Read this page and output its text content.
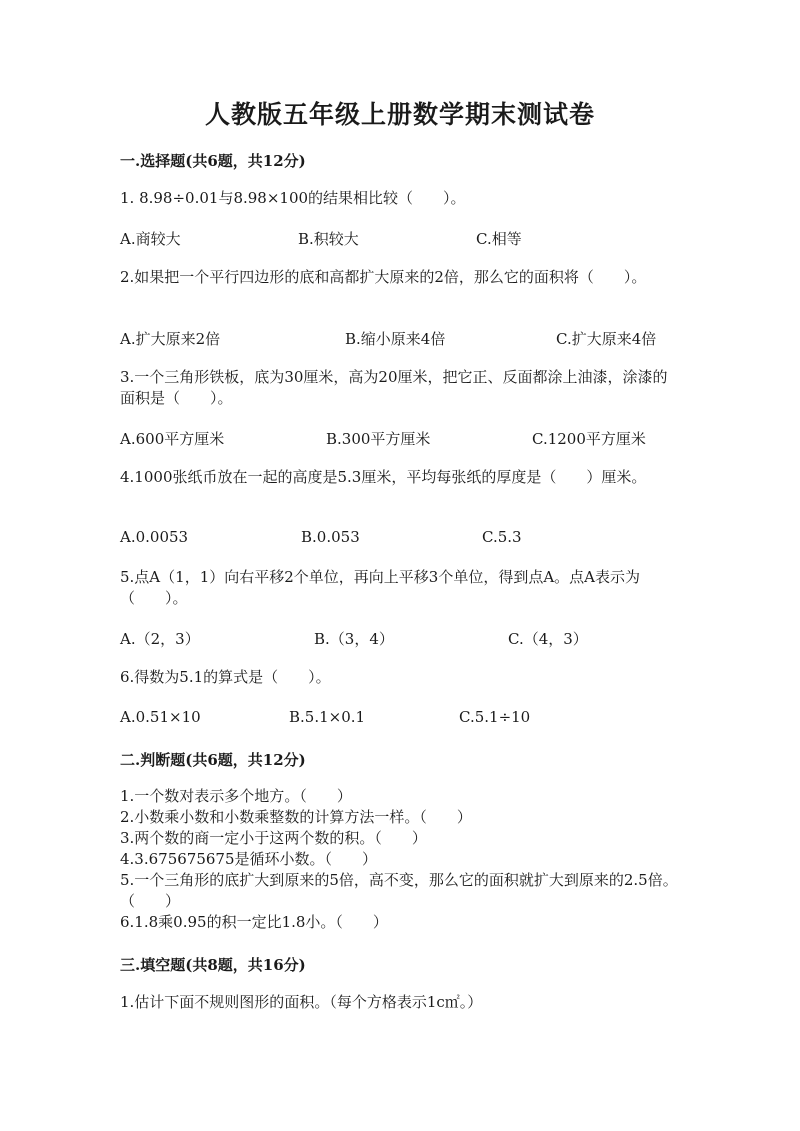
人教版五年级上册数学期末测试卷
一.选择题(共6题，共12分)
1. 8.98÷0.01与8.98×100的结果相比较（　　）。
A.商较大	B.积较大	C.相等
2.如果把一个平行四边形的底和高都扩大原来的2倍，那么它的面积将（　　）。
A.扩大原来2倍	B.缩小原来4倍	C.扩大原来4倍
3.一个三角形铁板，底为30厘米，高为20厘米，把它正、反面都涂上油漆，涂漆的面积是（　　）。
A.600平方厘米	B.300平方厘米	C.1200平方厘米
4.1000张纸币放在一起的高度是5.3厘米，平均每张纸的厚度是（　　）厘米。
A.0.0053	B.0.053	C.5.3
5.点A（1，1）向右平移2个单位，再向上平移3个单位，得到点A。点A表示为（　　）。
A.（2，3）	B.（3，4）	C.（4，3）
6.得数为5.1的算式是（　　）。
A.0.51×10	B.5.1×0.1	C.5.1÷10
二.判断题(共6题，共12分)
1.一个数对表示多个地方。（　　）
2.小数乘小数和小数乘整数的计算方法一样。（　　）
3.两个数的商一定小于这两个数的积。（　　）
4.3.675675675是循环小数。（　　）
5.一个三角形的底扩大到原来的5倍，高不变，那么它的面积就扩大到原来的2.5倍。（　　）
6.1.8乘0.95的积一定比1.8小。（　　）
三.填空题(共8题，共16分)
1.估计下面不规则图形的面积。（每个方格表示1c㎡。）
